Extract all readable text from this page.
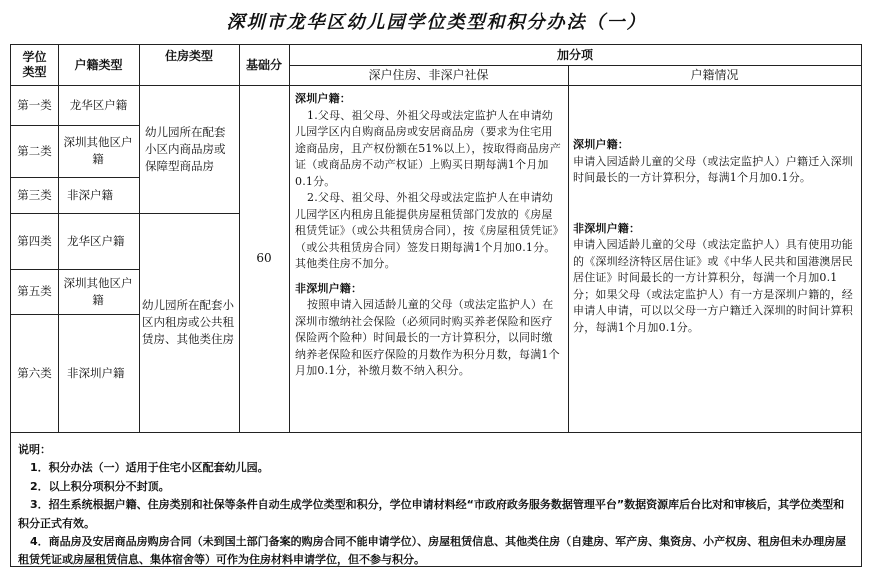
深圳市龙华区幼儿园学位类型和积分办法（一）
学位
类型
户籍类型
住房类型
基础分
加分项
深户住房、非深户社保	户籍情况
第一类
第二类
第三类
第四类
第五类
第六类
龙华区户籍
深圳其他区户籍
非深户籍
龙华区户籍
深圳其他区户籍
非深圳户籍
幼儿园所在配套小区内商品房或保障型商品房
幼儿园所在配套小区内租房或公共租赁房、其他类住房
60
深圳户籍：
1.父母、祖父母、外祖父母或法定监护人在申请幼儿园学区内自购商品房或安居商品房（要求为住宅用途商品房，且产权份额在51%以上），按取得商品房产证（或商品房不动产权证）上购买日期每满1个月加0.1分。
2.父母、祖父母、外祖父母或法定监护人在申请幼儿园学区内租房且能提供房屋租赁部门发放的《房屋租赁凭证》（或公共租赁房合同），按《房屋租赁凭证》（或公共租赁房合同）签发日期每满1个月加0.1分。其他类住房不加分。
非深圳户籍：
按照申请入园适龄儿童的父母（或法定监护人）在深圳市缴纳社会保险（必须同时购买养老保险和医疗保险两个险种）时间最长的一方计算积分，以同时缴纳养老保险和医疗保险的月数作为积分月数，每满1个月加0.1分，补缴月数不纳入积分。
深圳户籍：
申请入园适龄儿童的父母（或法定监护人）户籍迁入深圳时间最长的一方计算积分，每满1个月加0.1分。
非深圳户籍：
申请入园适龄儿童的父母（或法定监护人）具有使用功能的《深圳经济特区居住证》或《中华人民共和国港澳居民居住证》时间最长的一方计算积分，每满一个月加0.1分；如果父母（或法定监护人）有一方是深圳户籍的，经申请人申请，可以以父母一方户籍迁入深圳的时间计算积分，每满1个月加0.1分。

说明：

1．积分办法（一）适用于住宅小区配套幼儿园。

2．以上积分项积分不封顶。

3．招生系统根据户籍、住房类别和社保等条件自动生成学位类型和积分，学位申请材料经“市政府政务服务数据管理平台”数据资源库后台比对和审核后，其学位类型和积分正式有效。

4．商品房及安居商品房购房合同（未到国土部门备案的购房合同不能申请学位）、房屋租赁信息、其他类住房（自建房、军产房、集资房、小产权房、租房但未办理房屋租赁凭证或房屋租赁信息、集体宿舍等）可作为住房材料申请学位，但不参与积分。
